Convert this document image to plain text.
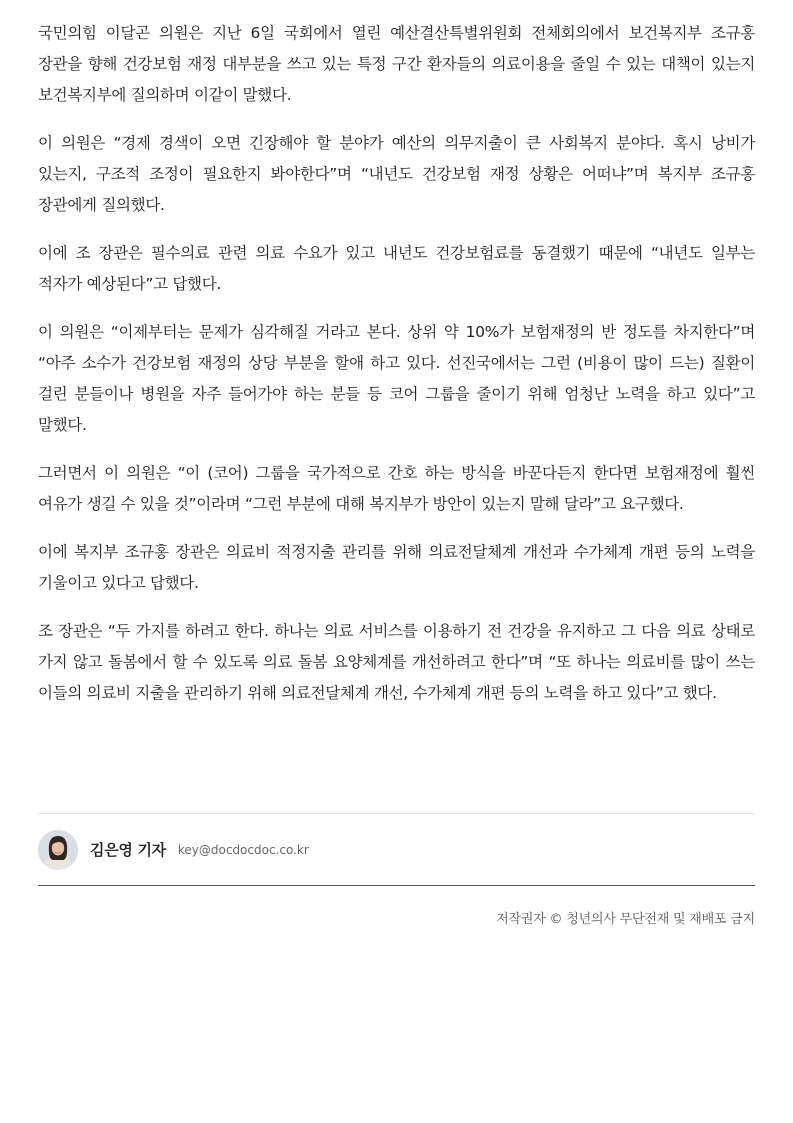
국민의힘 이달곤 의원은 지난 6일 국회에서 열린 예산결산특별위원회 전체회의에서 보건복지부 조규홍 장관을 향해 건강보험 재정 대부분을 쓰고 있는 특정 구간 환자들의 의료이용을 줄일 수 있는 대책이 있는지 보건복지부에 질의하며 이같이 말했다.

이 의원은 “경제 경색이 오면 긴장해야 할 분야가 예산의 의무지출이 큰 사회복지 분야다. 혹시 낭비가 있는지, 구조적 조정이 필요한지 봐야한다”며 “내년도 건강보험 재정 상황은 어떠냐”며 복지부 조규홍 장관에게 질의했다.

이에 조 장관은 필수의료 관련 의료 수요가 있고 내년도 건강보험료를 동결했기 때문에 “내년도 일부는 적자가 예상된다”고 답했다.

이 의원은 “이제부터는 문제가 심각해질 거라고 본다. 상위 약 10%가 보험재정의 반 정도를 차지한다”며 “아주 소수가 건강보험 재정의 상당 부분을 할애 하고 있다. 선진국에서는 그런 (비용이 많이 드는) 질환이 걸린 분들이나 병원을 자주 들어가야 하는 분들 등 코어 그룹을 줄이기 위해 엄청난 노력을 하고 있다”고 말했다.

그러면서 이 의원은 “이 (코어) 그룹을 국가적으로 간호 하는 방식을 바꾼다든지 한다면 보험재정에 훨씬 여유가 생길 수 있을 것”이라며 “그런 부분에 대해 복지부가 방안이 있는지 말해 달라”고 요구했다.

이에 복지부 조규홍 장관은 의료비 적정지출 관리를 위해 의료전달체계 개선과 수가체계 개편 등의 노력을 기울이고 있다고 답했다.

조 장관은 “두 가지를 하려고 한다. 하나는 의료 서비스를 이용하기 전 건강을 유지하고 그 다음 의료 상태로 가지 않고 돌봄에서 할 수 있도록 의료 돌봄 요양체계를 개선하려고 한다”며 “또 하나는 의료비를 많이 쓰는 이들의 의료비 지출을 관리하기 위해 의료전달체계 개선, 수가체계 개편 등의 노력을 하고 있다”고 했다.

김은영 기자 key@docdocdoc.co.kr
저작권자 © 청년의사 무단전재 및 재배포 금지
